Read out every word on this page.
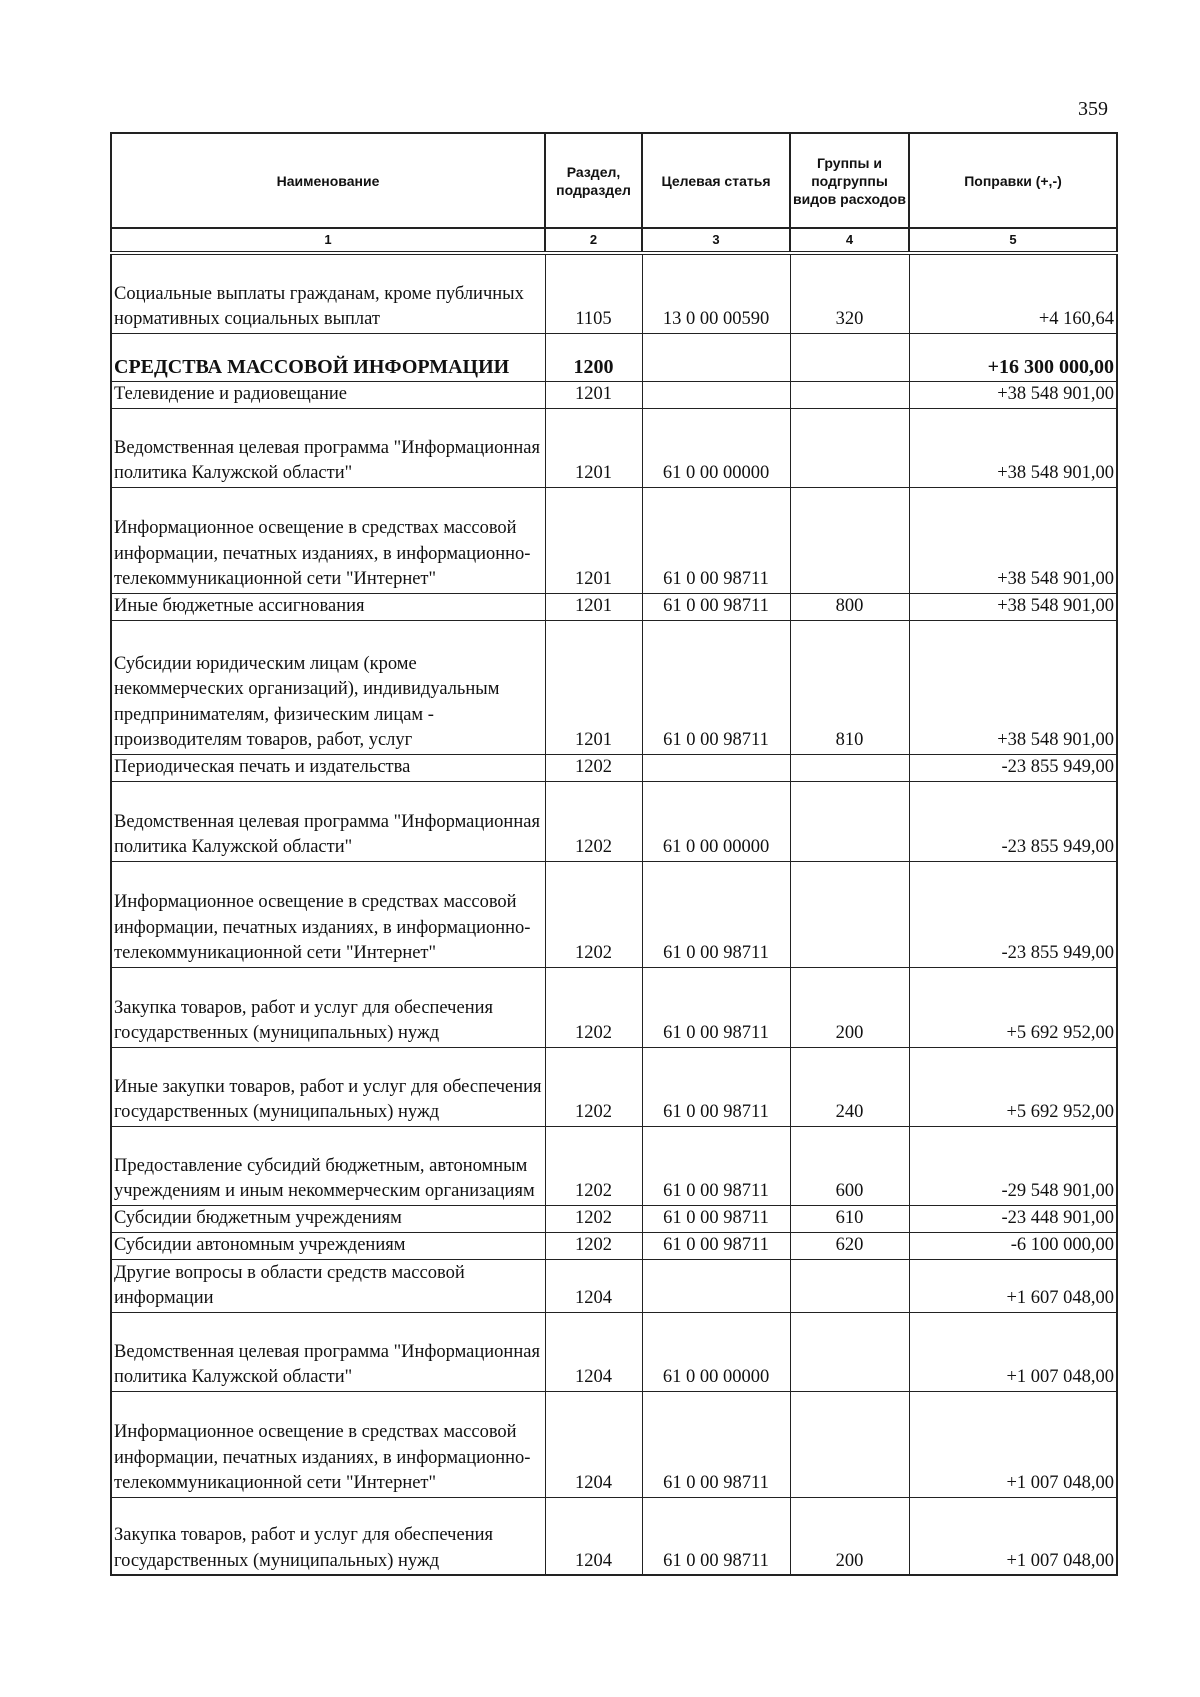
359
Наименование	Раздел, подраздел	Целевая статья	Группы и подгруппы видов расходов	Поправки (+,-)
1	2	3	4	5
Социальные выплаты гражданам, кроме публичных нормативных социальных выплат	1105	13 0 00 00590	320	+4 160,64
СРЕДСТВА МАССОВОЙ ИНФОРМАЦИИ	1200			+16 300 000,00
Телевидение и радиовещание	1201			+38 548 901,00
Ведомственная целевая программа "Информационная политика Калужской области"	1201	61 0 00 00000		+38 548 901,00
Информационное освещение в средствах массовой информации, печатных изданиях, в информационно-телекоммуникационной сети "Интернет"	1201	61 0 00 98711		+38 548 901,00
Иные бюджетные ассигнования	1201	61 0 00 98711	800	+38 548 901,00
Субсидии юридическим лицам (кроме некоммерческих организаций), индивидуальным предпринимателям, физическим лицам - производителям товаров, работ, услуг	1201	61 0 00 98711	810	+38 548 901,00
Периодическая печать и издательства	1202			-23 855 949,00
Ведомственная целевая программа "Информационная политика Калужской области"	1202	61 0 00 00000		-23 855 949,00
Информационное освещение в средствах массовой информации, печатных изданиях, в информационно-телекоммуникационной сети "Интернет"	1202	61 0 00 98711		-23 855 949,00
Закупка товаров, работ и услуг для обеспечения государственных (муниципальных) нужд	1202	61 0 00 98711	200	+5 692 952,00
Иные закупки товаров, работ и услуг для обеспечения государственных (муниципальных) нужд	1202	61 0 00 98711	240	+5 692 952,00
Предоставление субсидий бюджетным, автономным учреждениям и иным некоммерческим организациям	1202	61 0 00 98711	600	-29 548 901,00
Субсидии бюджетным учреждениям	1202	61 0 00 98711	610	-23 448 901,00
Субсидии автономным учреждениям	1202	61 0 00 98711	620	-6 100 000,00
Другие вопросы в области средств массовой информации	1204			+1 607 048,00
Ведомственная целевая программа "Информационная политика Калужской области"	1204	61 0 00 00000		+1 007 048,00
Информационное освещение в средствах массовой информации, печатных изданиях, в информационно-телекоммуникационной сети "Интернет"	1204	61 0 00 98711		+1 007 048,00
Закупка товаров, работ и услуг для обеспечения государственных (муниципальных) нужд	1204	61 0 00 98711	200	+1 007 048,00
